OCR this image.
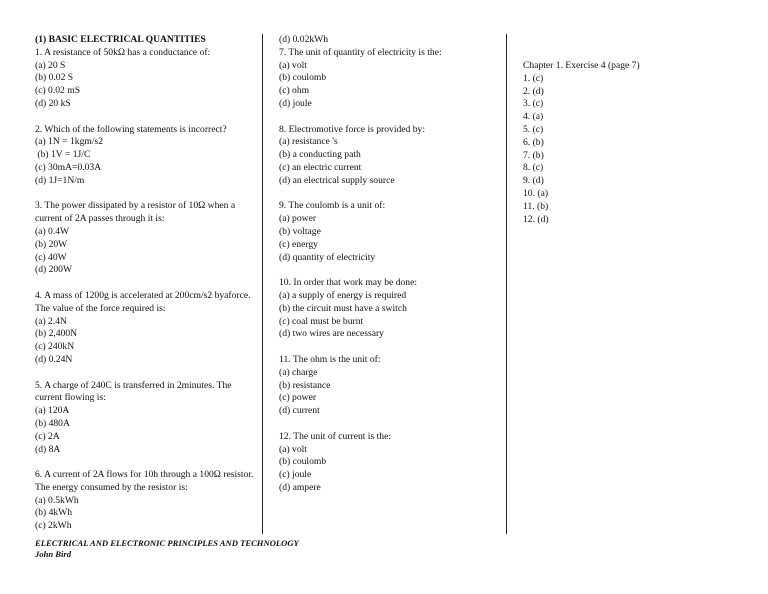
(1) BASIC ELECTRICAL QUANTITIES
1. A resistance of 50kΩ has a conductance of:
(a) 20 S
(b) 0.02 S
(c) 0.02 mS
(d) 20 kS
2. Which of the following statements is incorrect?
(a) 1N = 1kgm/s2
(b) 1V = 1J/C
(c) 30mA=0.03A
(d) 1J=1N/m
3. The power dissipated by a resistor of 10Ω when a current of 2A passes through it is:
(a) 0.4W
(b) 20W
(c) 40W
(d) 200W
4. A mass of 1200g is accelerated at 200cm/s2 byaforce. The value of the force required is:
(a) 2.4N
(b) 2,400N
(c) 240kN
(d) 0.24N
5. A charge of 240C is transferred in 2minutes. The current flowing is:
(a) 120A
(b) 480A
(c) 2A
(d) 8A
6. A current of 2A flows for 10h through a 100Ω resistor. The energy consumed by the resistor is:
(a) 0.5kWh
(b) 4kWh
(c) 2kWh
(d) 0.02kWh
7. The unit of quantity of electricity is the:
(a) volt
(b) coulomb
(c) ohm
(d) joule
8. Electromotive force is provided by:
(a) resistance 's
(b) a conducting path
(c) an electric current
(d) an electrical supply source
9. The coulomb is a unit of:
(a) power
(b) voltage
(c) energy
(d) quantity of electricity
10. In order that work may be done:
(a) a supply of energy is required
(b) the circuit must have a switch
(c) coal must be burnt
(d) two wires are necessary
11. The ohm is the unit of:
(a) charge
(b) resistance
(c) power
(d) current
12. The unit of current is the:
(a) volt
(b) coulomb
(c) joule
(d) ampere
Chapter 1. Exercise 4 (page 7)
1. (c)
2. (d)
3. (c)
4. (a)
5. (c)
6. (b)
7. (b)
8. (c)
9. (d)
10. (a)
11. (b)
12. (d)
ELECTRICAL AND ELECTRONIC PRINCIPLES AND TECHNOLOGY
John Bird
